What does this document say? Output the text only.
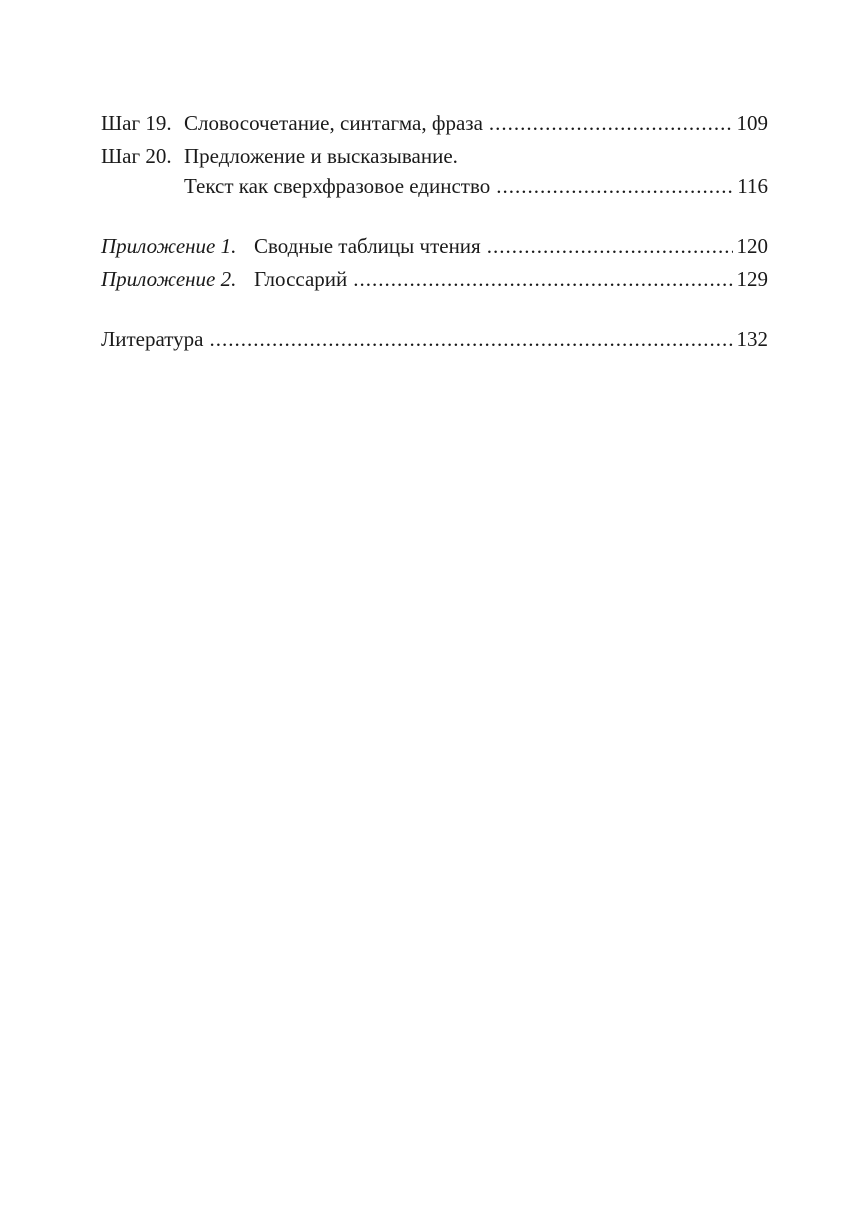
Шаг 19. Словосочетание, синтагма, фраза .....	109
Шаг 20. Предложение и высказывание.
Текст как сверхфразовое единство .....	116
Приложение 1. Сводные таблицы чтения .....	120
Приложение 2. Глоссарий .....	129
Литература .....	132
